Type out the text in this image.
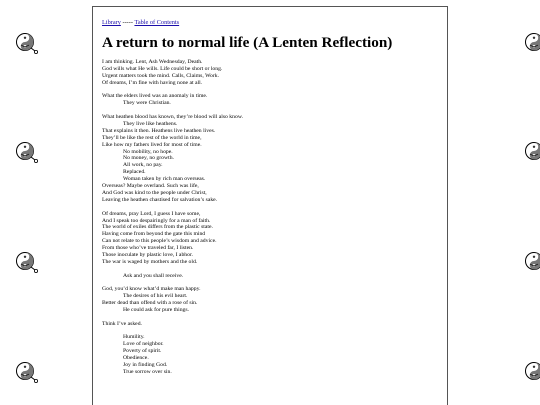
Library ----- Table of Contents
A return to normal life (A Lenten Reflection)
I am thinking. Lent, Ash Wednesday, Death.
God wills what He wills. Life could be short or long.
Urgent matters took the mind. Calls, Claims, Work.
Of dreams, I’m fine with having none at all.
What the elders lived was an anomaly in time.
They were Christian.
What heathen blood has known, they’re blood will also know.
They live like heathens.
That explains it then. Heathens live heathen lives.
They’ll be like the rest of the world in time,
Like how my fathers lived for most of time.
No mobility, no hope.
No money, no growth.
All work, no pay.
Replaced.
Woman taken by rich man overseas.
Overseas? Maybe overland. Such was life,
And God was kind to the people under Christ,
Leaving the heathen chastised for salvation’s sake.
Of dreams, pray Lord, I guess I have some,
And I speak too despairingly for a man of faith.
The world of exiles differs from the plastic state.
Having come from beyond the gate this mind
Can not relate to this people’s wisdom and advice.
From those who’ve traveled far, I listen.
Those inoculate by plastic love, I abhor.
The war is waged by mothers and the old.
Ask and you shall receive.
God, you’d know what’d make man happy.
The desires of his evil heart.
Better dead than offend with a rose of sin.
He could ask for pure things.
Think I’ve asked.
Humility.
Love of neighbor.
Poverty of spirit.
Obedience.
Joy in finding God.
True sorrow over sin.
